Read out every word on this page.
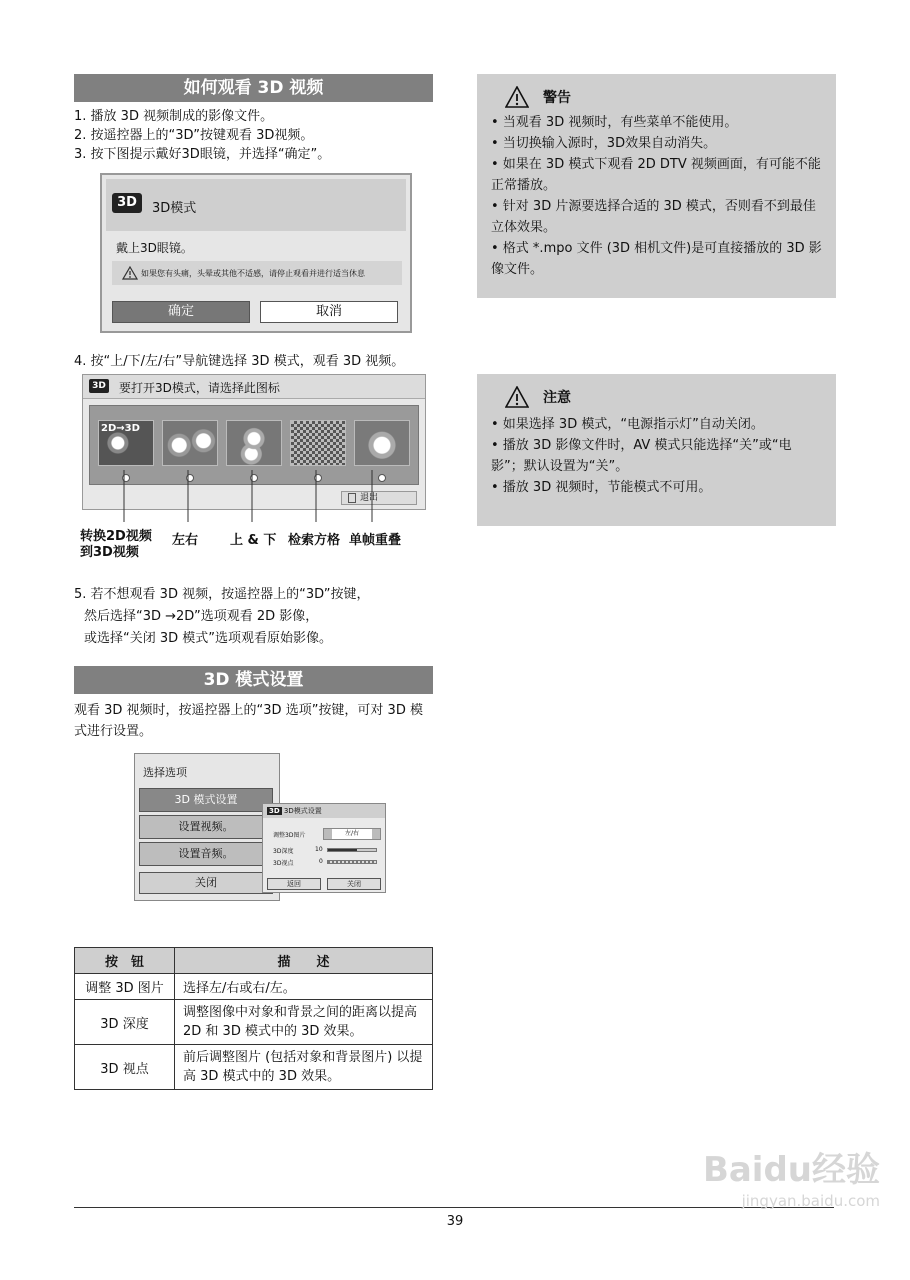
如何观看 3D 视频

1. 播放 3D 视频制成的影像文件。

2. 按遥控器上的“3D”按键观看 3D视频。

3. 按下图提示戴好3D眼镜，并选择“确定”。

3D	3D模式
戴上3D眼镜。
如果您有头痛，头晕或其他不适感，请停止观看并进行适当休息
确定	取消

4. 按“上/下/左/右”导航键选择 3D 模式，观看 3D 视频。

3D 要打开3D模式，请选择此图标
2D→3D
退出
转换2D视频
到3D视频
左右 上 & 下 检索方格 单帧重叠

5. 若不想观看 3D 视频，按遥控器上的“3D”按键，

然后选择“3D →2D”选项观看 2D 影像，

或选择“关闭 3D 模式”选项观看原始影像。

3D 模式设置

观看 3D 视频时，按遥控器上的“3D 选项”按键，可对 3D 模

式进行设置。

选择选项
3D 模式设置
设置视频。
设置音频。
关闭
3D 3D模式设置
调整3D图片	左/右
3D深度	10
3D视点	0
返回	关闭
按　钮	描　　述
调整 3D 图片	选择左/右或右/左。
3D 深度	调整图像中对象和背景之间的距离以提高 2D 和 3D 模式中的 3D 效果。
3D 视点	前后调整图片 (包括对象和背景图片) 以提高 3D 模式中的 3D 效果。
警告
• 当观看 3D 视频时，有些菜单不能使用。
• 当切换输入源时，3D效果自动消失。
• 如果在 3D 模式下观看 2D DTV 视频画面，有可能不能正常播放。
• 针对 3D 片源要选择合适的 3D 模式，否则看不到最佳立体效果。
• 格式 *.mpo 文件 (3D 相机文件)是可直接播放的 3D 影像文件。
注意
• 如果选择 3D 模式，“电源指示灯”自动关闭。
• 播放 3D 影像文件时，AV 模式只能选择“关”或“电影”；默认设置为“关”。
• 播放 3D 视频时，节能模式不可用。
39
Baidu经验
jingyan.baidu.com
